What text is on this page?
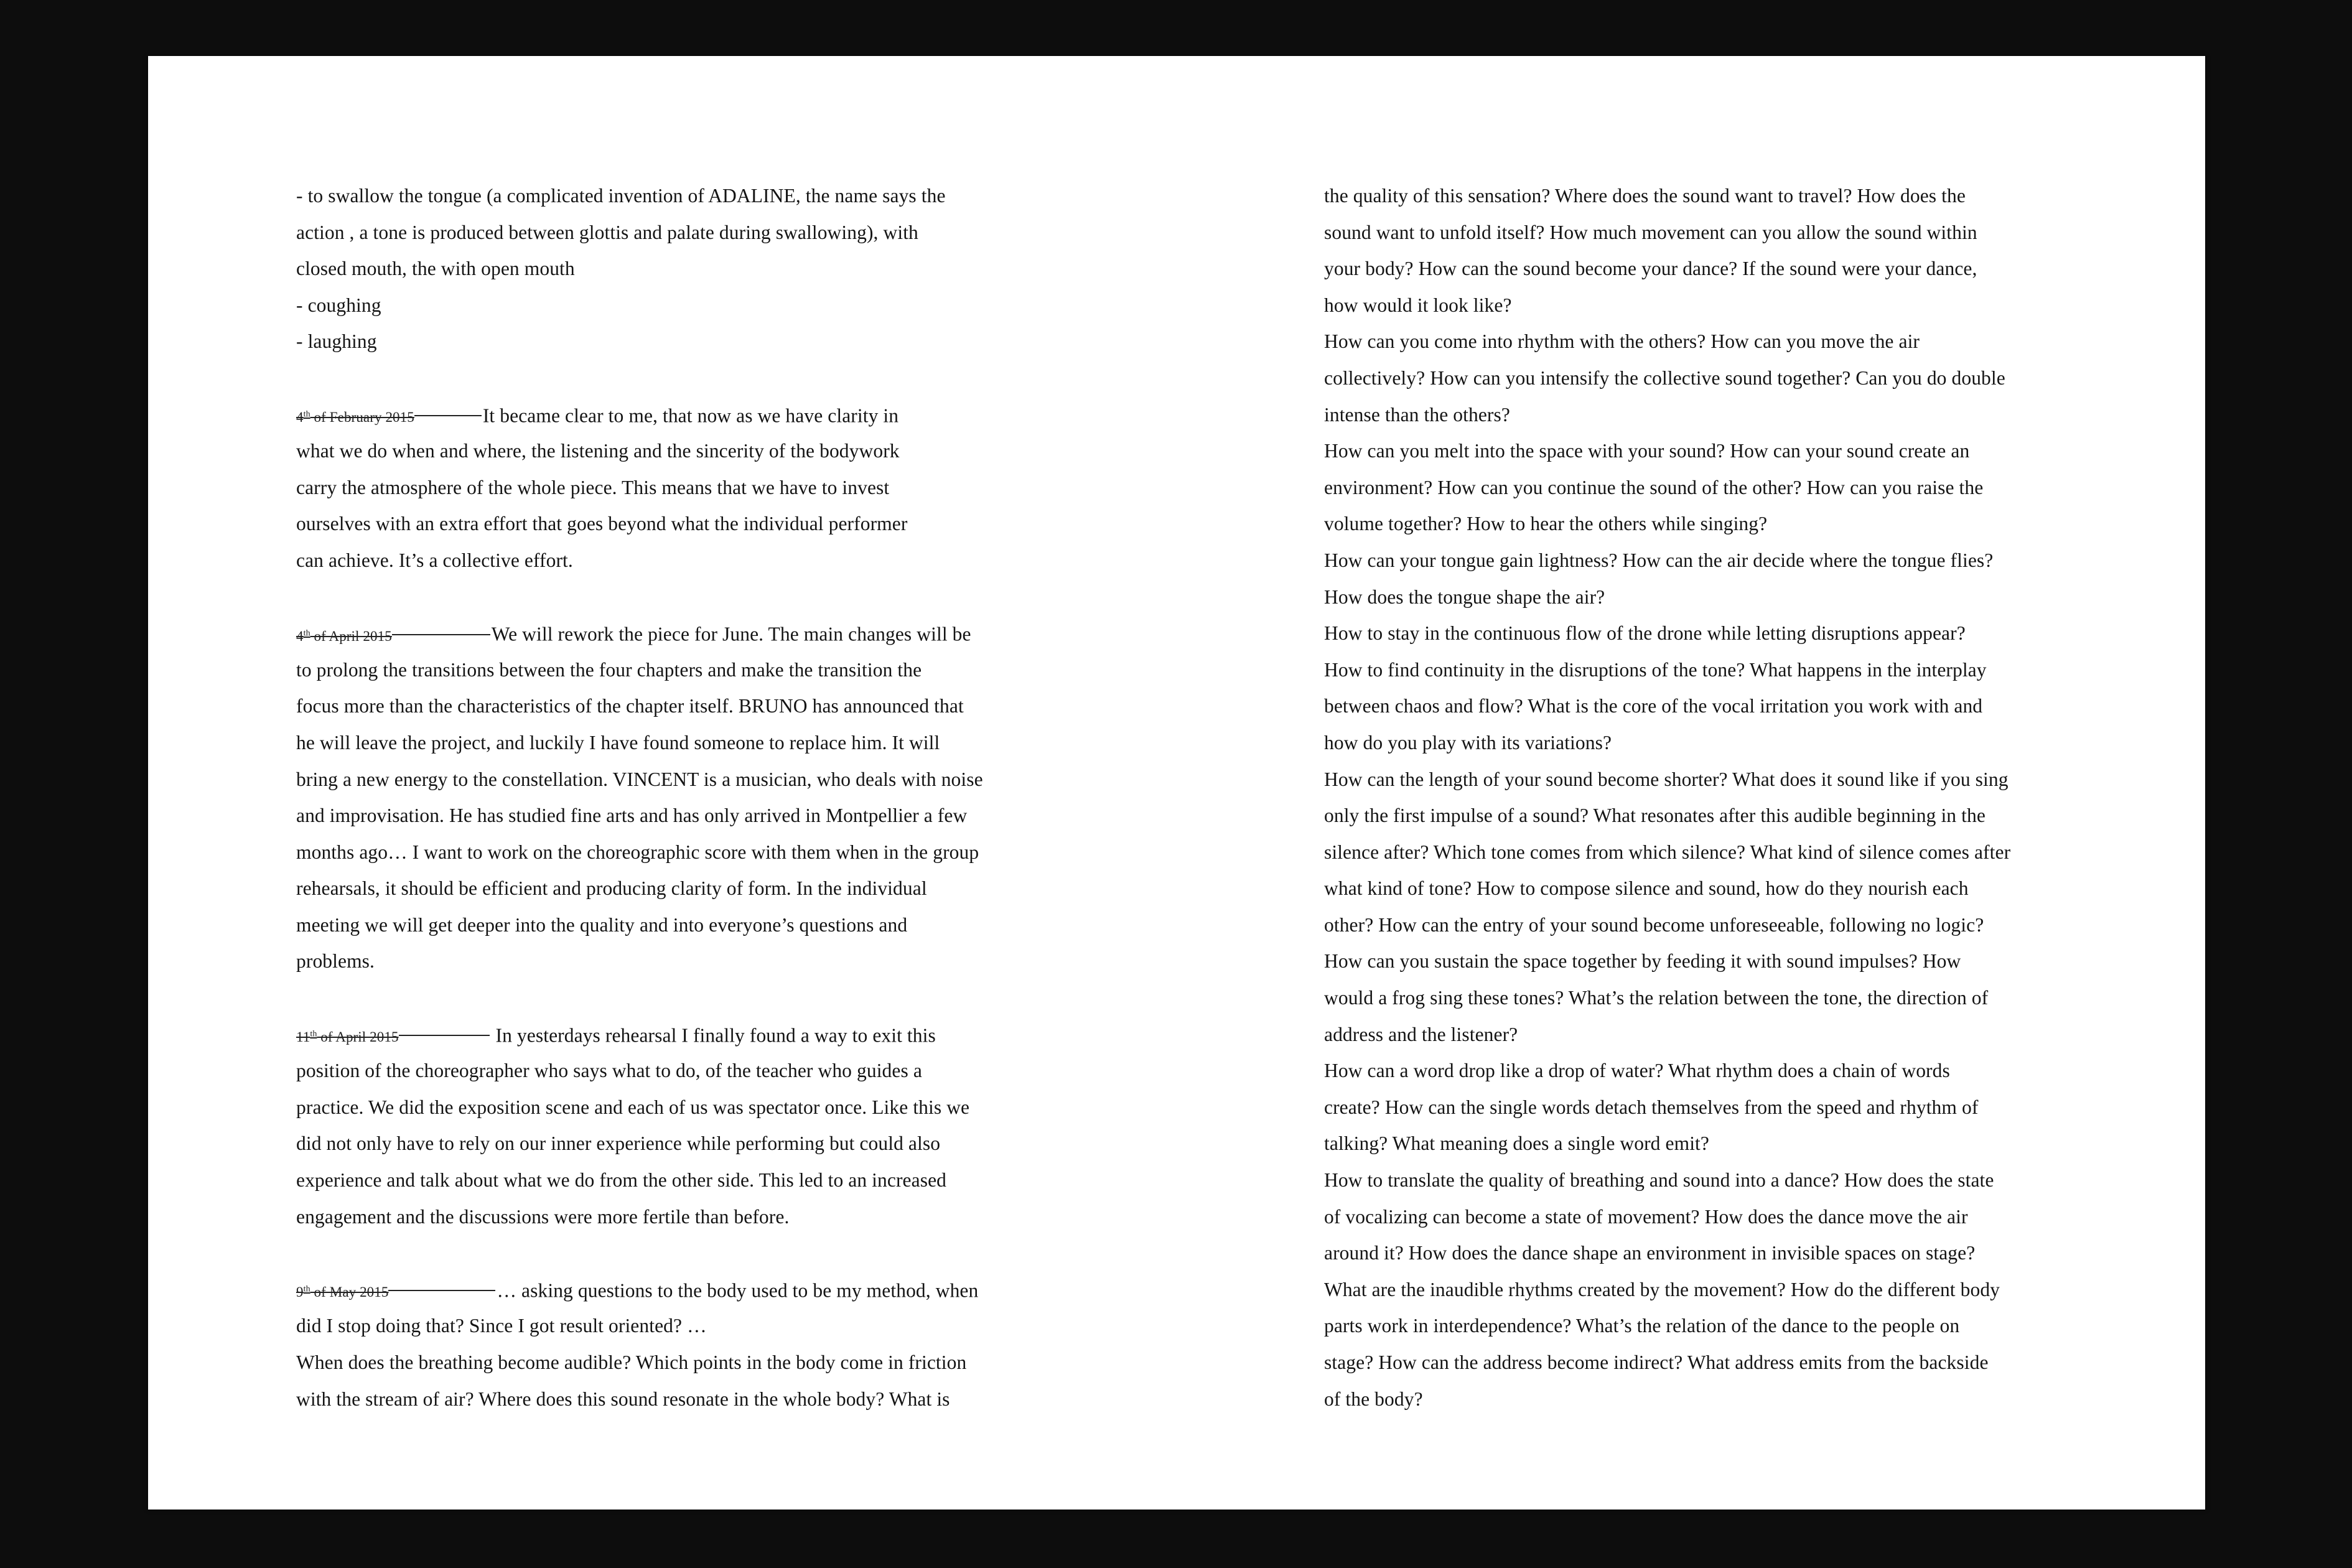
- to swallow the tongue (a complicated invention of ADALINE, the name says the
action , a tone is produced between glottis and palate during swallowing), with
closed mouth, the with open mouth
- coughing
- laughing
4th of February 2015	It became clear to me, that now as we have clarity in
what we do when and where, the listening and the sincerity of the bodywork
carry the atmosphere of the whole piece. This means that we have to invest
ourselves with an extra effort that goes beyond what the individual performer
can achieve. It’s a collective effort.
4th of April 2015	We will rework the piece for June. The main changes will be
to prolong the transitions between the four chapters and make the transition the
focus more than the characteristics of the chapter itself. BRUNO has announced that
he will leave the project, and luckily I have found someone to replace him. It will
bring a new energy to the constellation. VINCENT is a musician, who deals with noise
and improvisation. He has studied fine arts and has only arrived in Montpellier a few
months ago… I want to work on the choreographic score with them when in the group
rehearsals, it should be efficient and producing clarity of form. In the individual
meeting we will get deeper into the quality and into everyone’s questions and
problems.
11th of April 2015	In yesterdays rehearsal I finally found a way to exit this
position of the choreographer who says what to do, of the teacher who guides a
practice. We did the exposition scene and each of us was spectator once. Like this we
did not only have to rely on our inner experience while performing but could also
experience and talk about what we do from the other side. This led to an increased
engagement and the discussions were more fertile than before.
9th of May 2015	… asking questions to the body used to be my method, when
did I stop doing that? Since I got result oriented? …
When does the breathing become audible? Which points in the body come in friction
with the stream of air? Where does this sound resonate in the whole body? What is
the quality of this sensation? Where does the sound want to travel? How does the
sound want to unfold itself? How much movement can you allow the sound within
your body? How can the sound become your dance? If the sound were your dance,
how would it look like?
How can you come into rhythm with the others? How can you move the air
collectively? How can you intensify the collective sound together? Can you do double
intense than the others?
How can you melt into the space with your sound? How can your sound create an
environment? How can you continue the sound of the other? How can you raise the
volume together? How to hear the others while singing?
How can your tongue gain lightness? How can the air decide where the tongue flies?
How does the tongue shape the air?
How to stay in the continuous flow of the drone while letting disruptions appear?
How to find continuity in the disruptions of the tone? What happens in the interplay
between chaos and flow? What is the core of the vocal irritation you work with and
how do you play with its variations?
How can the length of your sound become shorter? What does it sound like if you sing
only the first impulse of a sound? What resonates after this audible beginning in the
silence after? Which tone comes from which silence? What kind of silence comes after
what kind of tone? How to compose silence and sound, how do they nourish each
other? How can the entry of your sound become unforeseeable, following no logic?
How can you sustain the space together by feeding it with sound impulses? How
would a frog sing these tones? What’s the relation between the tone, the direction of
address and the listener?
How can a word drop like a drop of water? What rhythm does a chain of words
create? How can the single words detach themselves from the speed and rhythm of
talking? What meaning does a single word emit?
How to translate the quality of breathing and sound into a dance? How does the state
of vocalizing can become a state of movement? How does the dance move the air
around it? How does the dance shape an environment in invisible spaces on stage?
What are the inaudible rhythms created by the movement? How do the different body
parts work in interdependence? What’s the relation of the dance to the people on
stage? How can the address become indirect? What address emits from the backside
of the body?
